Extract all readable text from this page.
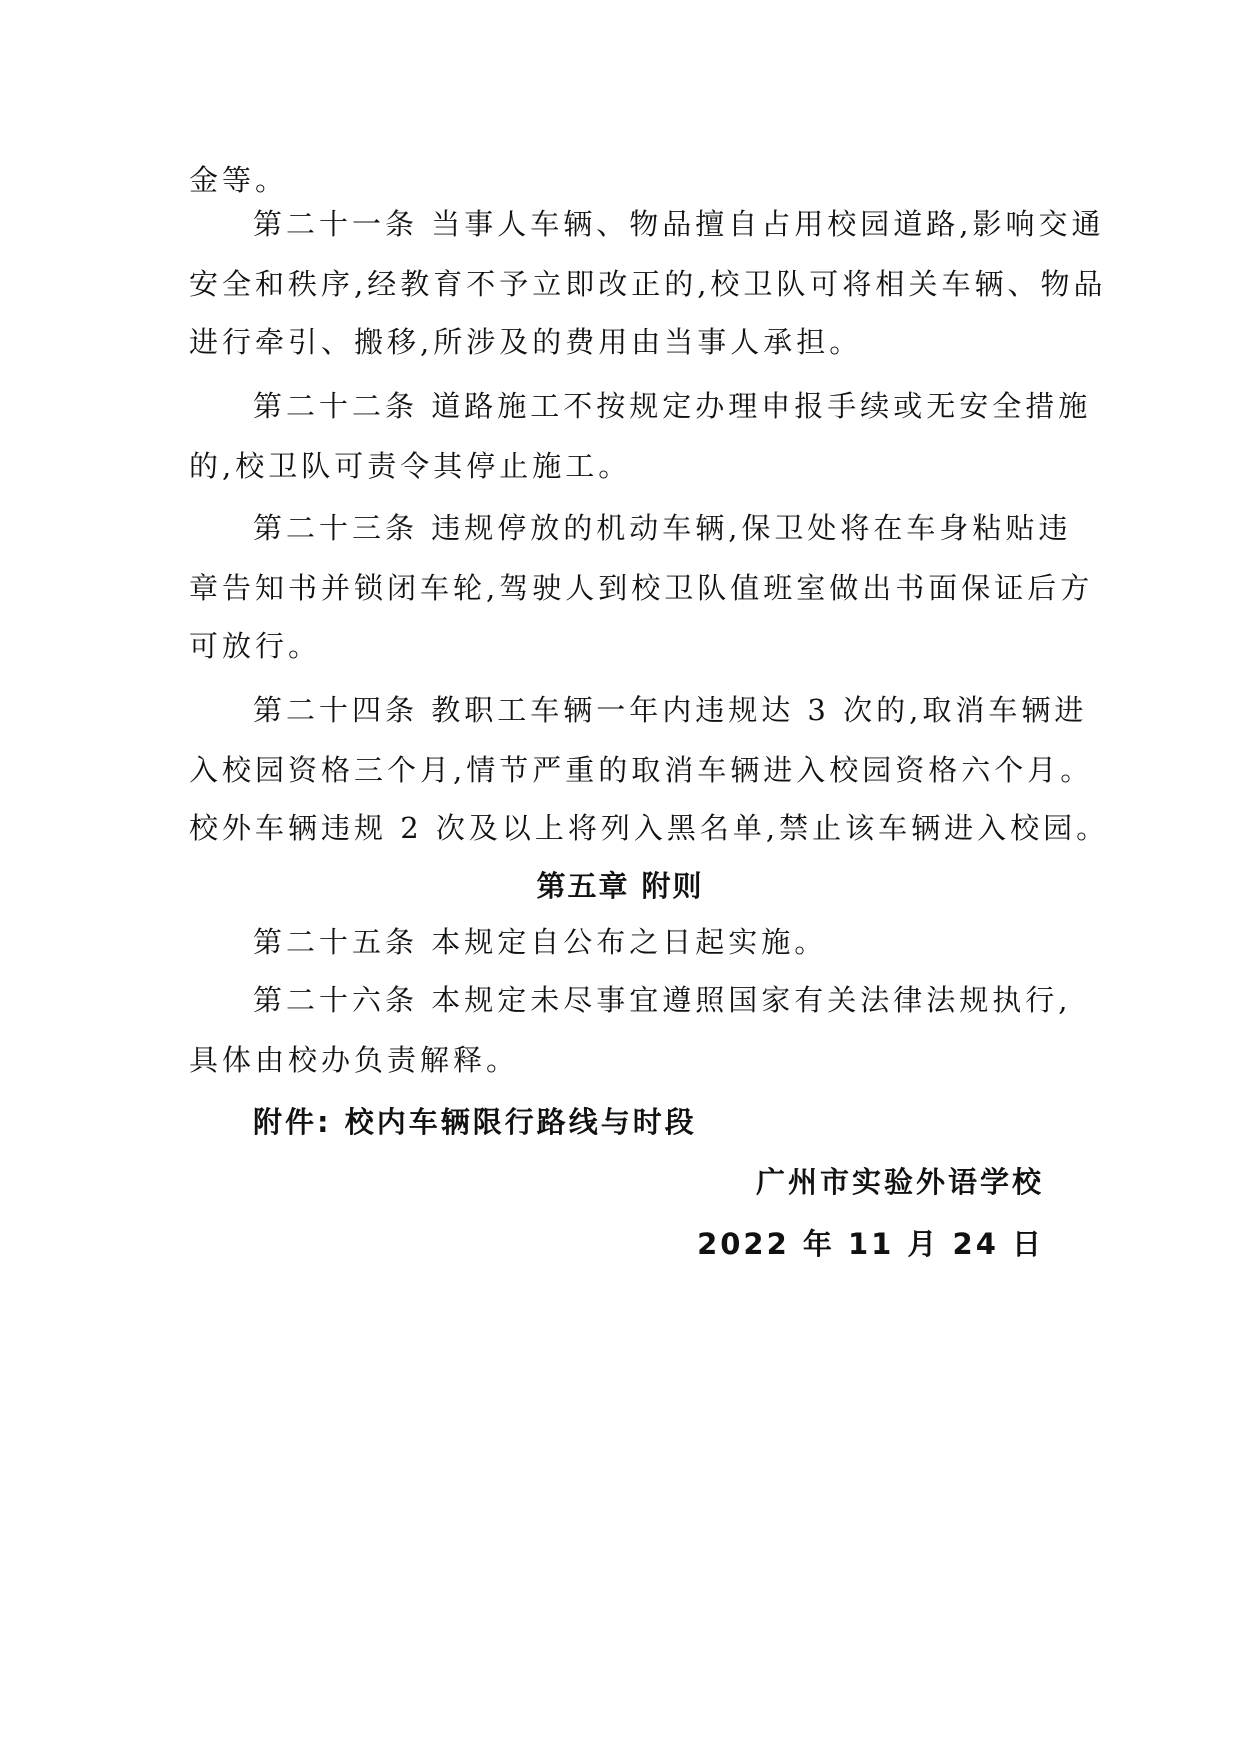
金等。
第二十一条 当事人车辆、物品擅自占用校园道路,影响交通
安全和秩序,经教育不予立即改正的,校卫队可将相关车辆、物品
进行牵引、搬移,所涉及的费用由当事人承担。
第二十二条 道路施工不按规定办理申报手续或无安全措施
的,校卫队可责令其停止施工。
第二十三条 违规停放的机动车辆,保卫处将在车身粘贴违
章告知书并锁闭车轮,驾驶人到校卫队值班室做出书面保证后方
可放行。
第二十四条 教职工车辆一年内违规达 3 次的,取消车辆进
入校园资格三个月,情节严重的取消车辆进入校园资格六个月。
校外车辆违规 2 次及以上将列入黑名单,禁止该车辆进入校园。
第五章 附则
第二十五条 本规定自公布之日起实施。
第二十六条 本规定未尽事宜遵照国家有关法律法规执行,
具体由校办负责解释。
附件: 校内车辆限行路线与时段
广州市实验外语学校
2022 年 11 月 24 日
